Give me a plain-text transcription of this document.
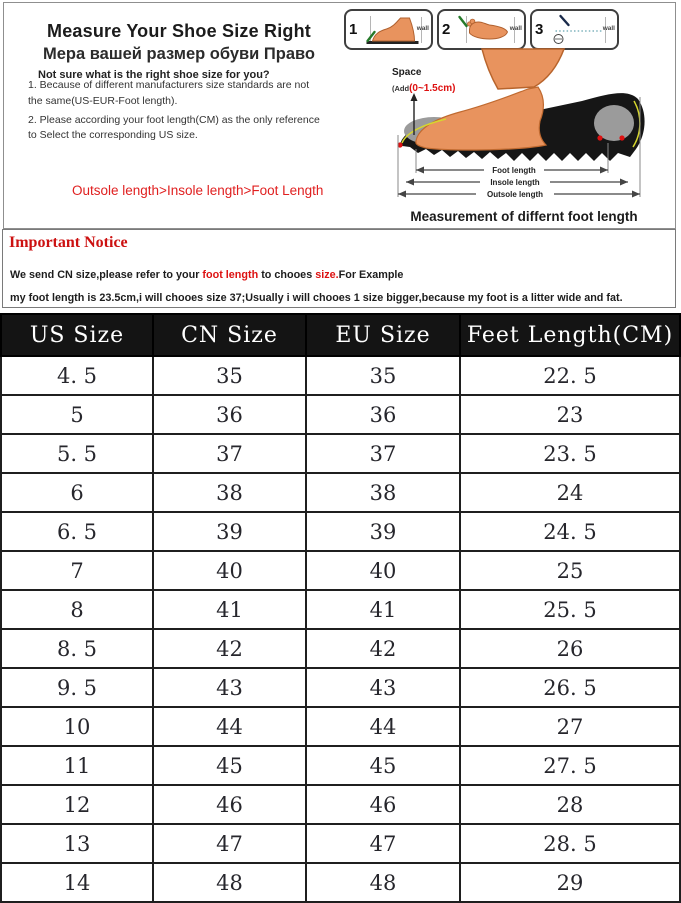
Measure Your Shoe Size Right
Мера вашей размер обуви Право

Not sure what is the right shoe size for you?

1. Because of different manufacturers size standards are not the same(US-EUR-Foot length).

2. Please according your foot length(CM) as the only reference to Select the corresponding US size.

Outsole length>Insole length>Foot Length

1	wall 2	wall 3	wall
Space
(Add(0~1.5cm)
Foot length
Insole length
Outsole length

Measurement of differnt foot length

Important Notice

We send CN size,please refer to your foot length to chooes size.For Example

my foot length is 23.5cm,i will chooes size 37;Usually i will chooes 1 size bigger,because my foot is a litter wide and fat.

US Size	CN Size	EU Size	Feet Length(CM)
4. 5	35	35	22. 5
5	36	36	23
5. 5	37	37	23. 5
6	38	38	24
6. 5	39	39	24. 5
7	40	40	25
8	41	41	25. 5
8. 5	42	42	26
9. 5	43	43	26. 5
10	44	44	27
11	45	45	27. 5
12	46	46	28
13	47	47	28. 5
14	48	48	29
